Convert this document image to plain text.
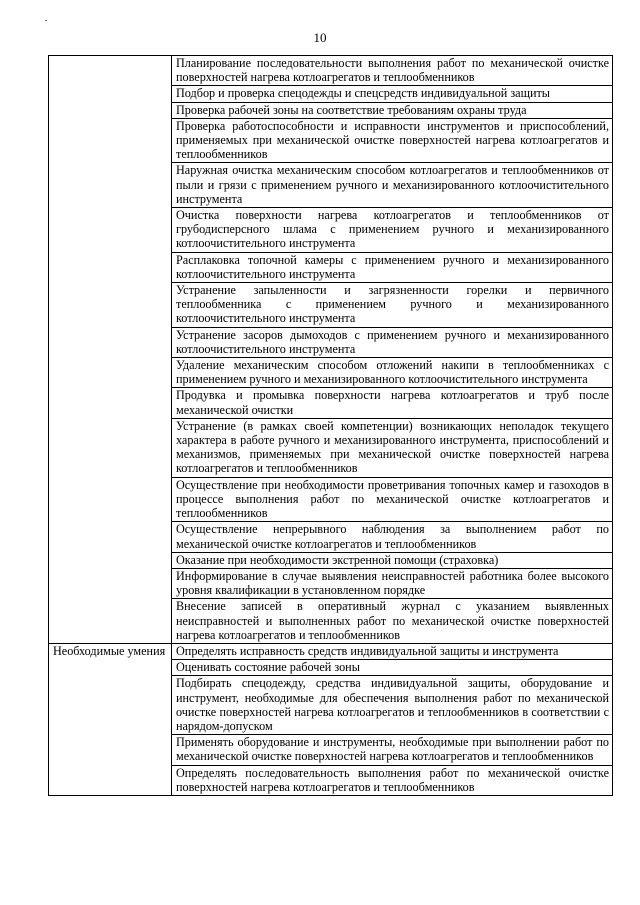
10
	Планирование последовательности выполнения работ по механической очистке поверхностей нагрева котлоагрегатов и теплообменников
	Подбор и проверка спецодежды и спецсредств индивидуальной защиты
	Проверка рабочей зоны на соответствие требованиям охраны труда
	Проверка работоспособности и исправности инструментов и приспособлений, применяемых при механической очистке поверхностей нагрева котлоагрегатов и теплообменников
	Наружная очистка механическим способом котлоагрегатов и теплообменников от пыли и грязи с применением ручного и механизированного котлоочистительного инструмента
	Очистка поверхности нагрева котлоагрегатов и теплообменников от грубодисперсного шлама с применением ручного и механизированного котлоочистительного инструмента
	Расплаковка топочной камеры с применением ручного и механизированного котлоочистительного инструмента
	Устранение запыленности и загрязненности горелки и первичного теплообменника с применением ручного и механизированного котлоочистительного инструмента
	Устранение засоров дымоходов с применением ручного и механизированного котлоочистительного инструмента
	Удаление механическим способом отложений накипи в теплообменниках с применением ручного и механизированного котлоочистительного инструмента
	Продувка и промывка поверхности нагрева котлоагрегатов и труб после механической очистки
	Устранение (в рамках своей компетенции) возникающих неполадок текущего характера в работе ручного и механизированного инструмента, приспособлений и механизмов, применяемых при механической очистке поверхностей нагрева котлоагрегатов и теплообменников
	Осуществление при необходимости проветривания топочных камер и газоходов в процессе выполнения работ по механической очистке котлоагрегатов и теплообменников
	Осуществление непрерывного наблюдения за выполнением работ по механической очистке котлоагрегатов и теплообменников
	Оказание при необходимости экстренной помощи (страховка)
	Информирование в случае выявления неисправностей работника более высокого уровня квалификации в установленном порядке
	Внесение записей в оперативный журнал с указанием выявленных неисправностей и выполненных работ по механической очистке поверхностей нагрева котлоагрегатов и теплообменников
Необходимые умения	Определять исправность средств индивидуальной защиты и инструмента
	Оценивать состояние рабочей зоны
	Подбирать спецодежду, средства индивидуальной защиты, оборудование и инструмент, необходимые для обеспечения выполнения работ по механической очистке поверхностей нагрева котлоагрегатов и теплообменников в соответствии с нарядом-допуском
	Применять оборудование и инструменты, необходимые при выполнении работ по механической очистке поверхностей нагрева котлоагрегатов и теплообменников
	Определять последовательность выполнения работ по механической очистке поверхностей нагрева котлоагрегатов и теплообменников
